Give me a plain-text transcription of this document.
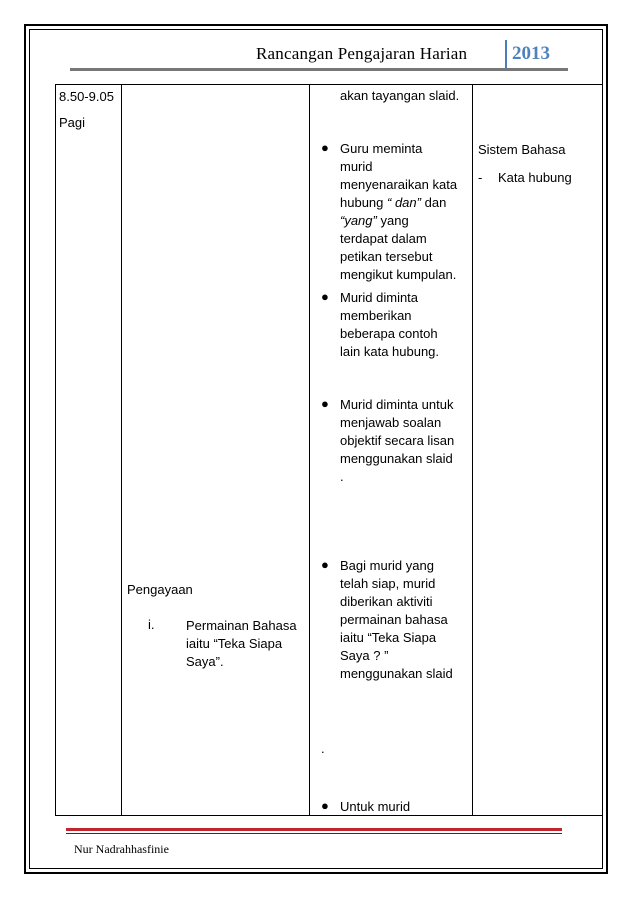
Rancangan Pengajaran Harian 2013
8.50-9.05
Pagi

Pengayaan
i. Permainan Bahasa iaitu “Teka Siapa Saya”.

akan tayangan slaid.
● Guru meminta murid menyenaraikan kata hubung “ dan” dan “yang” yang terdapat dalam petikan tersebut mengikut kumpulan.
● Murid diminta memberikan beberapa contoh lain kata hubung.
● Murid diminta untuk menjawab soalan objektif secara lisan menggunakan slaid .
● Bagi murid yang telah siap, murid diberikan aktiviti permainan bahasa iaitu “Teka Siapa Saya ? ” menggunakan slaid
.
● Untuk murid

Sistem Bahasa
- Kata hubung
Nur Nadrahhasfinie
